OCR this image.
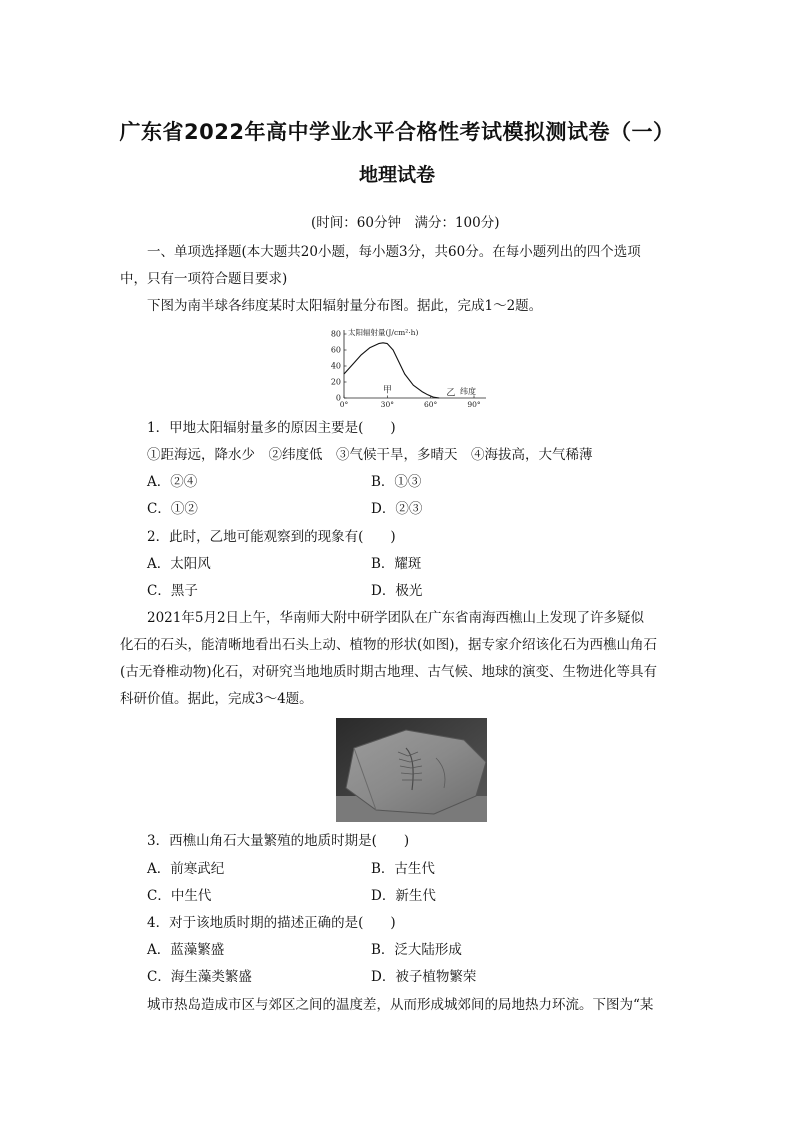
广东省2022年高中学业水平合格性考试模拟测试卷（一）
地理试卷
(时间：60分钟　满分：100分)
一、单项选择题(本大题共20小题，每小题3分，共60分。在每小题列出的四个选项
中，只有一项符合题目要求)
下图为南半球各纬度某时太阳辐射量分布图。据此，完成1～2题。
0
20
40
60
80
0°	30°	60°	90°
太阳辐射量(J/cm²·h)
纬度
甲	乙
1．甲地太阳辐射量多的原因主要是(　　)
①距海远，降水少　②纬度低　③气候干旱，多晴天　④海拔高，大气稀薄
A．②④	B．①③
C．①②	D．②③
2．此时，乙地可能观察到的现象有(　　)
A．太阳风	B．耀斑
C．黑子	D．极光
2021年5月2日上午，华南师大附中研学团队在广东省南海西樵山上发现了许多疑似
化石的石头，能清晰地看出石头上动、植物的形状(如图)，据专家介绍该化石为西樵山角石
(古无脊椎动物)化石，对研究当地地质时期古地理、古气候、地球的演变、生物进化等具有
科研价值。据此，完成3～4题。
3．西樵山角石大量繁殖的地质时期是(　　)
A．前寒武纪	B．古生代
C．中生代	D．新生代
4．对于该地质时期的描述正确的是(　　)
A．蓝藻繁盛	B．泛大陆形成
C．海生藻类繁盛	D．被子植物繁荣
城市热岛造成市区与郊区之间的温度差，从而形成城郊间的局地热力环流。下图为“某
